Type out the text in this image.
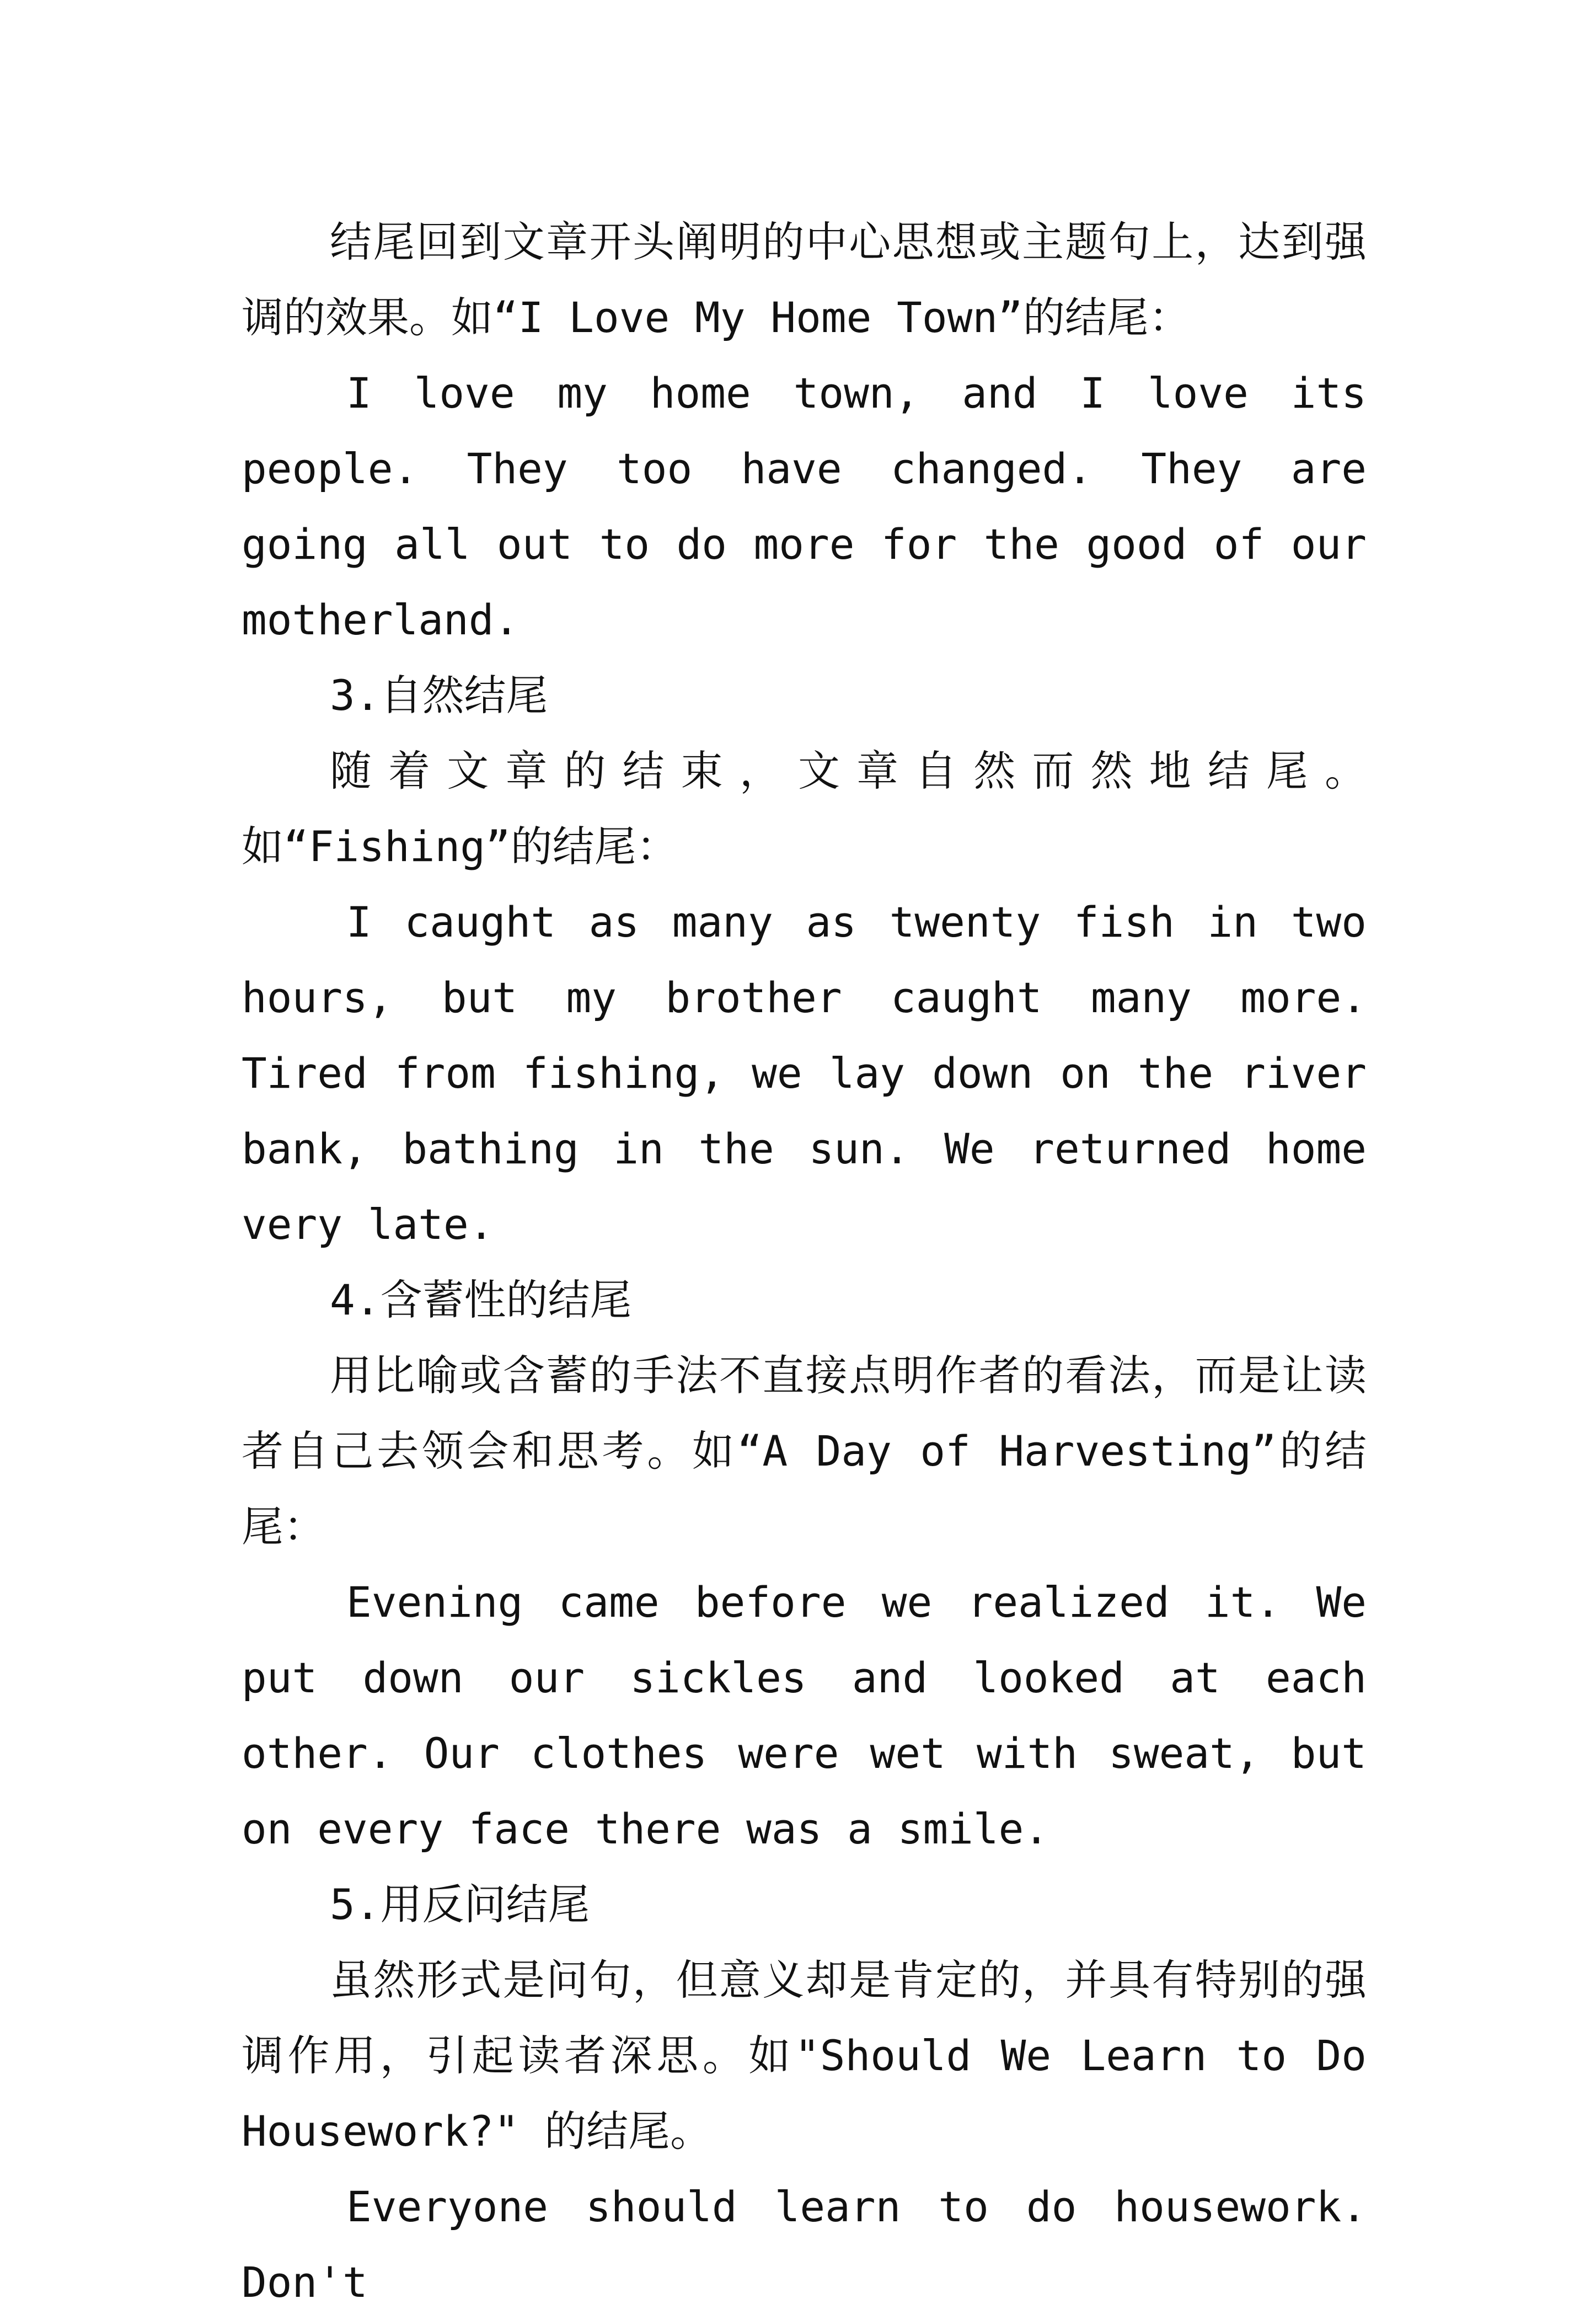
结尾回到文章开头阐明的中心思想或主题句上，达到强调的效果。如“I Love My Home Town”的结尾：

I love my home town, and I love its people. They too have changed. They are going all out to do more for the good of our motherland.

3.自然结尾

随着文章的结束，文章自然而然地结尾。如“Fishing”的结尾：

I caught as many as twenty fish in two hours, but my brother caught many more. Tired from fishing, we lay down on the river bank, bathing in the sun. We returned home very late.

4.含蓄性的结尾

用比喻或含蓄的手法不直接点明作者的看法，而是让读者自己去领会和思考。如“A Day of Harvesting”的结尾：

Evening came before we realized it. We put down our sickles and looked at each other. Our clothes were wet with sweat, but on every face there was a smile.

5.用反问结尾

虽然形式是问句，但意义却是肯定的，并具有特别的强调作用，引起读者深思。如"Should We Learn to Do Housework?" 的结尾。

Everyone should learn to do housework. Don't
